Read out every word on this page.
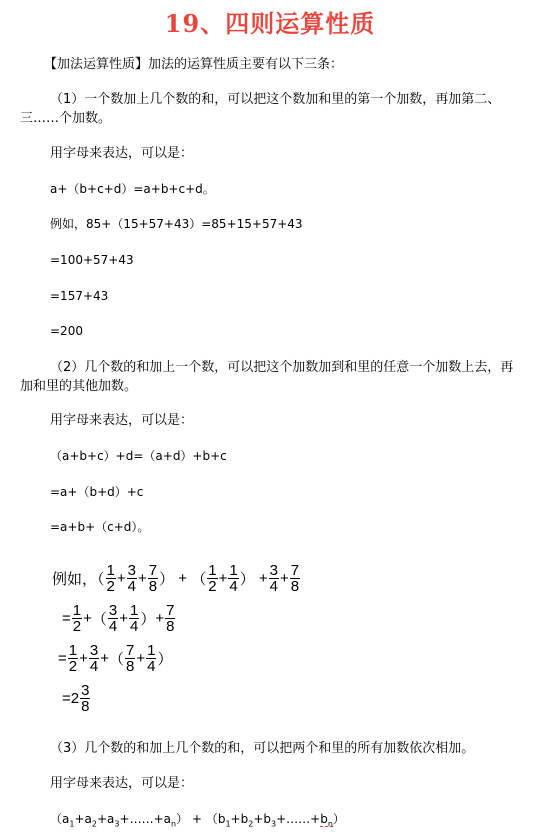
19、四则运算性质
【加法运算性质】加法的运算性质主要有以下三条：
（1）一个数加上几个数的和，可以把这个数加和里的第一个加数，再加第二、三……个加数。
用字母来表达，可以是：
a+（b+c+d）=a+b+c+d。
例如，85+（15+57+43）=85+15+57+43
=100+57+43
=157+43
=200
（2）几个数的和加上一个数，可以把这个加数加到和里的任意一个加数上去，再加和里的其他加数。
用字母来表达，可以是：
（a+b+c）+d=（a+d）+b+c
=a+（b+d）+c
=a+b+（c+d）。
例如，（ $\frac{1}{2} + \frac{3}{4} + \frac{7}{8}$ ） + （ $\frac{1}{2} + \frac{1}{4}$ ） + $\frac{3}{4} + \frac{7}{8}$
= $\frac{1}{2}$ +（ $\frac{3}{4} + \frac{1}{4}$ ）+ $\frac{7}{8}$
= $\frac{1}{2} + \frac{3}{4}$ +（ $\frac{7}{8} + \frac{1}{4}$ ）
$=2 \frac{3}{8}$
（3）几个数的和加上几个数的和，可以把两个和里的所有加数依次相加。
用字母来表达，可以是：
$(a_1+a_2+a_3+\dots\dots+a_n)$ + $(b_1+b_2+b_3+\dots\dots+b_n)$
